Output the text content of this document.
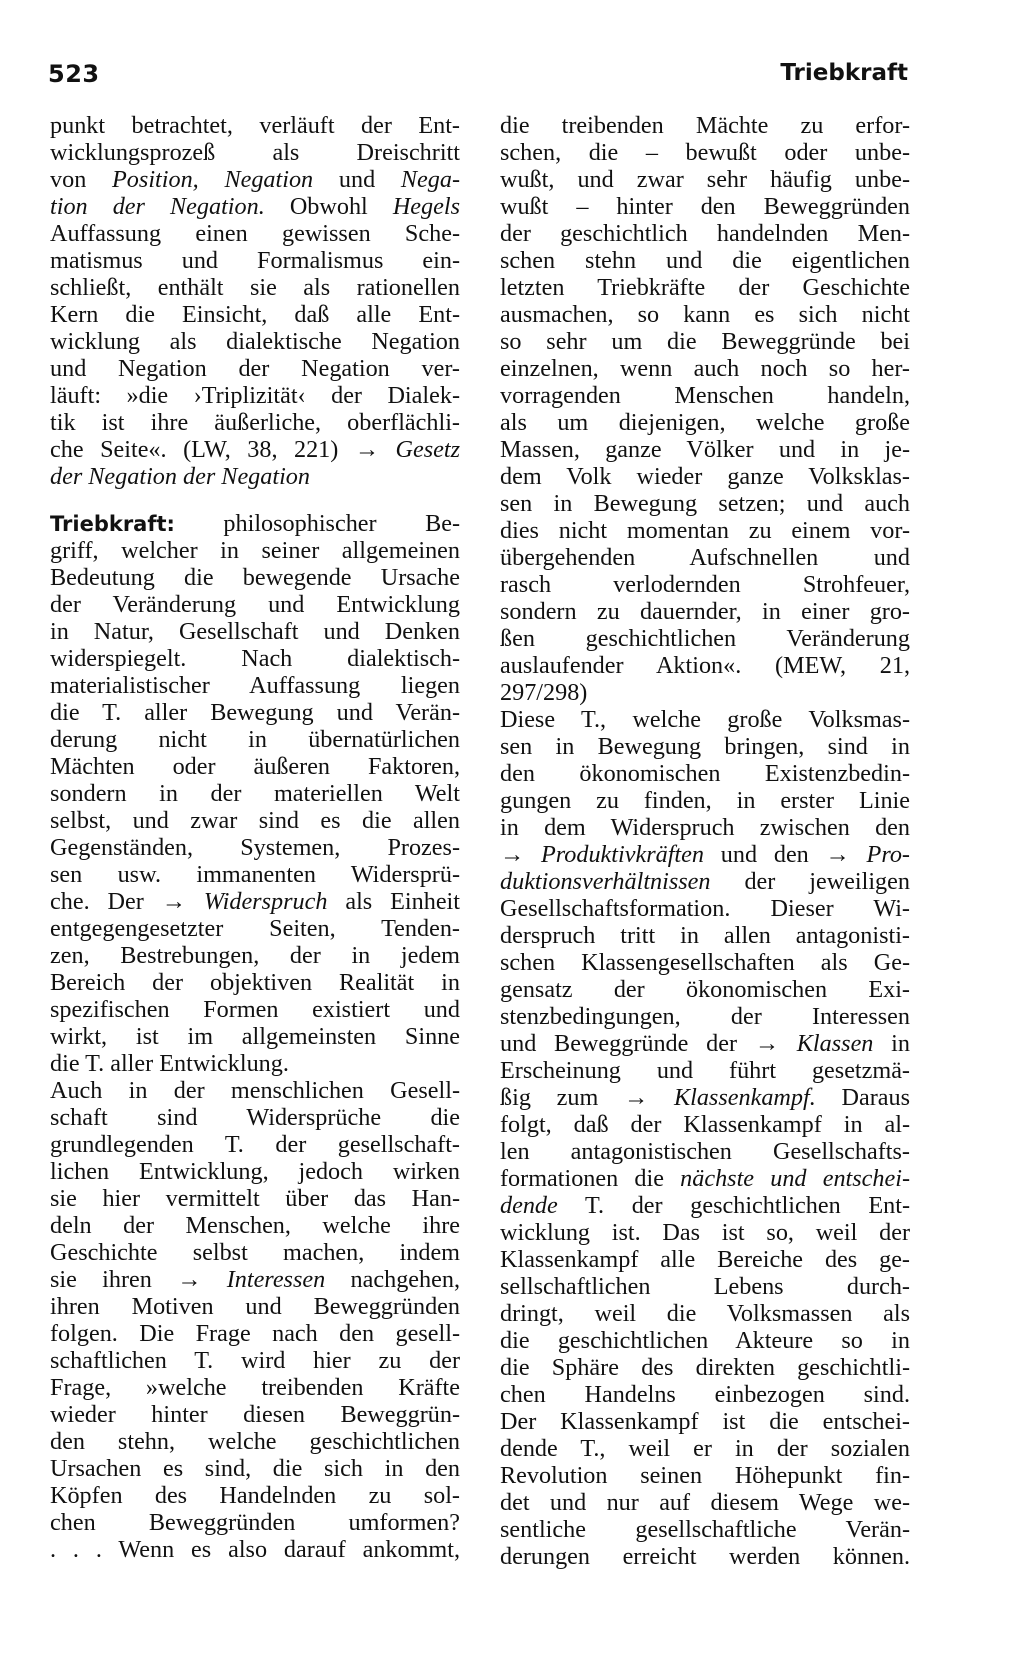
523	Triebkraft
punkt betrachtet, verläuft der Ent-
wicklungsprozeß als Dreischritt
von Position, Negation und Nega-
tion der Negation. Obwohl Hegels
Auffassung einen gewissen Sche-
matismus und Formalismus ein-
schließt, enthält sie als rationellen
Kern die Einsicht, daß alle Ent-
wicklung als dialektische Negation
und Negation der Negation ver-
läuft: »die ›Triplizität‹ der Dialek-
tik ist ihre äußerliche, oberflächli-
che Seite«. (LW, 38, 221) → Gesetz
der Negation der Negation
Triebkraft: philosophischer Be-
griff, welcher in seiner allgemeinen
Bedeutung die bewegende Ursache
der Veränderung und Entwicklung
in Natur, Gesellschaft und Denken
widerspiegelt. Nach dialektisch-
materialistischer Auffassung liegen
die T. aller Bewegung und Verän-
derung nicht in übernatürlichen
Mächten oder äußeren Faktoren,
sondern in der materiellen Welt
selbst, und zwar sind es die allen
Gegenständen, Systemen, Prozes-
sen usw. immanenten Widersprü-
che. Der → Widerspruch als Einheit
entgegengesetzter Seiten, Tenden-
zen, Bestrebungen, der in jedem
Bereich der objektiven Realität in
spezifischen Formen existiert und
wirkt, ist im allgemeinsten Sinne
die T. aller Entwicklung.
Auch in der menschlichen Gesell-
schaft sind Widersprüche die
grundlegenden T. der gesellschaft-
lichen Entwicklung, jedoch wirken
sie hier vermittelt über das Han-
deln der Menschen, welche ihre
Geschichte selbst machen, indem
sie ihren → Interessen nachgehen,
ihren Motiven und Beweggründen
folgen. Die Frage nach den gesell-
schaftlichen T. wird hier zu der
Frage, »welche treibenden Kräfte
wieder hinter diesen Beweggrün-
den stehn, welche geschichtlichen
Ursachen es sind, die sich in den
Köpfen des Handelnden zu sol-
chen Beweggründen umformen?
. . . Wenn es also darauf ankommt,
die treibenden Mächte zu erfor-
schen, die – bewußt oder unbe-
wußt, und zwar sehr häufig unbe-
wußt – hinter den Beweggründen
der geschichtlich handelnden Men-
schen stehn und die eigentlichen
letzten Triebkräfte der Geschichte
ausmachen, so kann es sich nicht
so sehr um die Beweggründe bei
einzelnen, wenn auch noch so her-
vorragenden Menschen handeln,
als um diejenigen, welche große
Massen, ganze Völker und in je-
dem Volk wieder ganze Volksklas-
sen in Bewegung setzen; und auch
dies nicht momentan zu einem vor-
übergehenden Aufschnellen und
rasch verlodernden Strohfeuer,
sondern zu dauernder, in einer gro-
ßen geschichtlichen Veränderung
auslaufender Aktion«. (MEW, 21,
297/298)
Diese T., welche große Volksmas-
sen in Bewegung bringen, sind in
den ökonomischen Existenzbedin-
gungen zu finden, in erster Linie
in dem Widerspruch zwischen den
→ Produktivkräften und den → Pro-
duktionsverhältnissen der jeweiligen
Gesellschaftsformation. Dieser Wi-
derspruch tritt in allen antagonisti-
schen Klassengesellschaften als Ge-
gensatz der ökonomischen Exi-
stenzbedingungen, der Interessen
und Beweggründe der → Klassen in
Erscheinung und führt gesetzmä-
ßig zum → Klassenkampf. Daraus
folgt, daß der Klassenkampf in al-
len antagonistischen Gesellschafts-
formationen die nächste und entschei-
dende T. der geschichtlichen Ent-
wicklung ist. Das ist so, weil der
Klassenkampf alle Bereiche des ge-
sellschaftlichen Lebens durch-
dringt, weil die Volksmassen als
die geschichtlichen Akteure so in
die Sphäre des direkten geschichtli-
chen Handelns einbezogen sind.
Der Klassenkampf ist die entschei-
dende T., weil er in der sozialen
Revolution seinen Höhepunkt fin-
det und nur auf diesem Wege we-
sentliche gesellschaftliche Verän-
derungen erreicht werden können.
